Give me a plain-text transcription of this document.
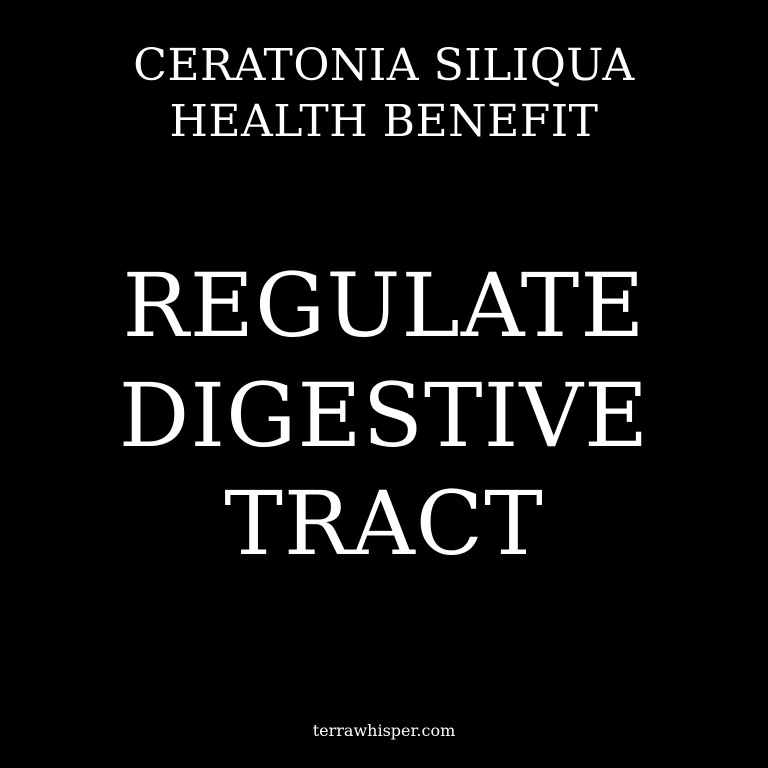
CERATONIA SILIQUA
HEALTH BENEFIT
REGULATE
DIGESTIVE
TRACT
terrawhisper.com
